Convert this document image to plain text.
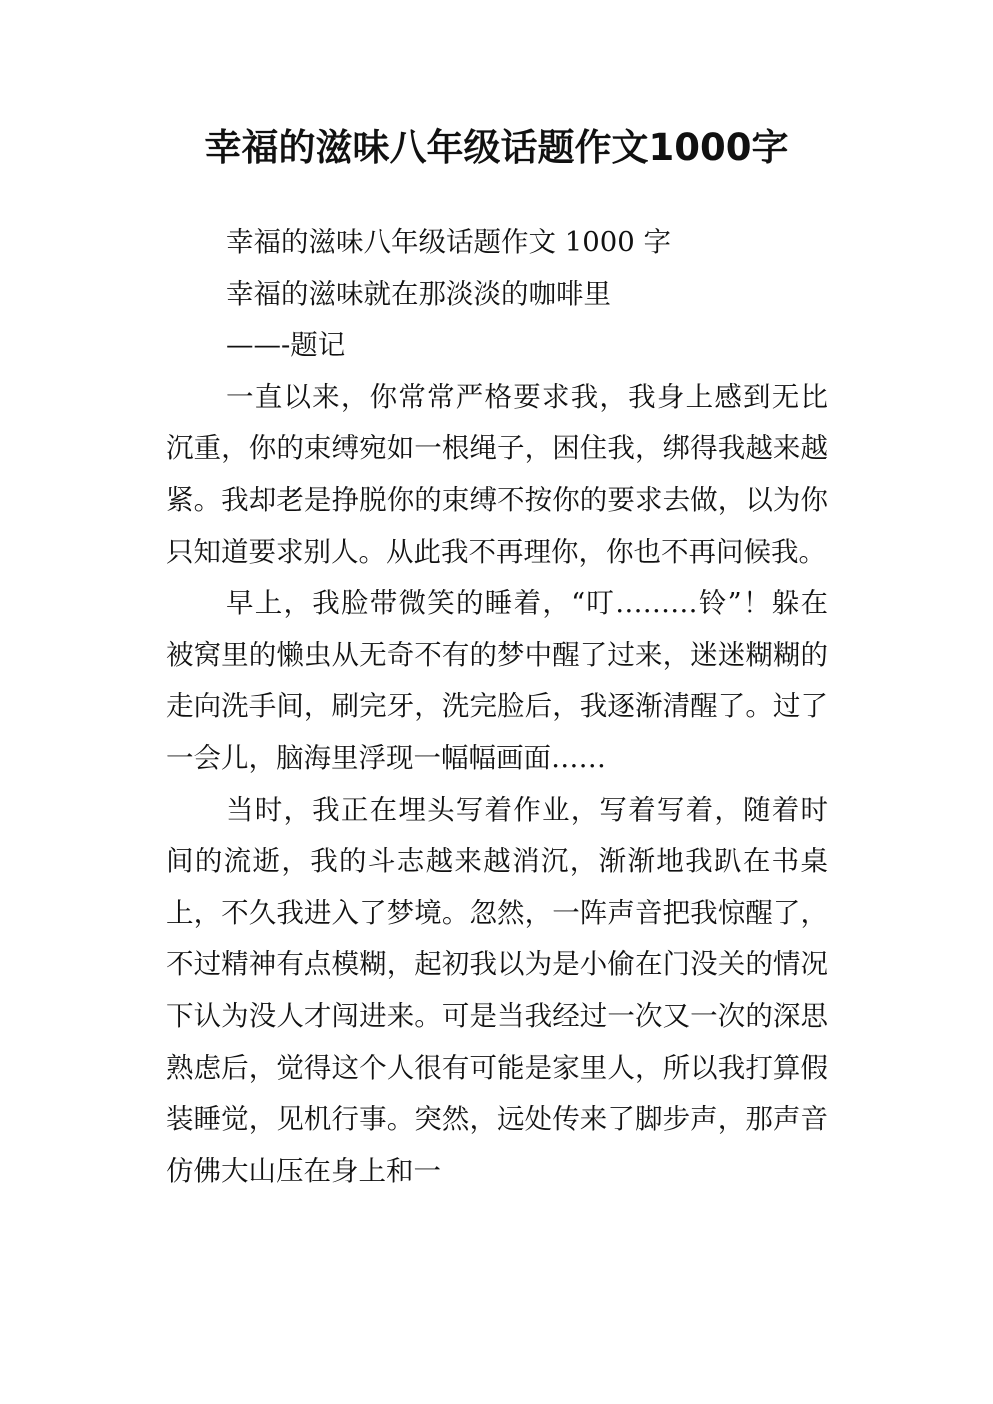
幸福的滋味八年级话题作文1000字

幸福的滋味八年级话题作文 1000 字

幸福的滋味就在那淡淡的咖啡里

——-题记

一直以来，你常常严格要求我，我身上感到无比沉重，你的束缚宛如一根绳子，困住我，绑得我越来越紧。我却老是挣脱你的束缚不按你的要求去做，以为你只知道要求别人。从此我不再理你，你也不再问候我。

早上，我脸带微笑的睡着，“叮………铃”！躲在被窝里的懒虫从无奇不有的梦中醒了过来，迷迷糊糊的走向洗手间，刷完牙，洗完脸后，我逐渐清醒了。过了一会儿，脑海里浮现一幅幅画面……

当时，我正在埋头写着作业，写着写着，随着时间的流逝，我的斗志越来越消沉，渐渐地我趴在书桌上，不久我进入了梦境。忽然，一阵声音把我惊醒了，不过精神有点模糊，起初我以为是小偷在门没关的情况下认为没人才闯进来。可是当我经过一次又一次的深思熟虑后，觉得这个人很有可能是家里人，所以我打算假装睡觉，见机行事。突然，远处传来了脚步声，那声音仿佛大山压在身上和一
